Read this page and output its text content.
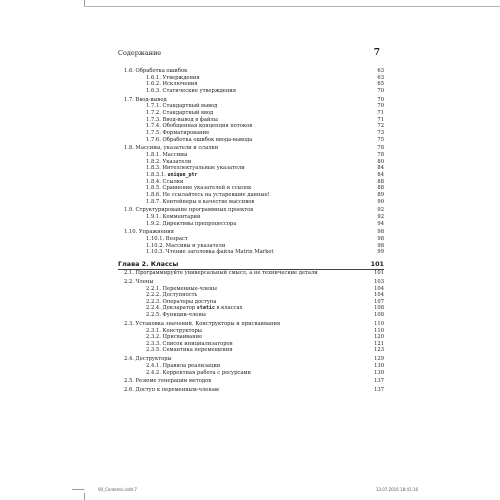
Содержание	7
1.6. Обработка ошибок	63
1.6.1. Утверждения	63
1.6.2. Исключения	65
1.6.3. Статические утверждения	70
1.7. Ввод-вывод	70
1.7.1. Стандартный вывод	70
1.7.2. Стандартный ввод	71
1.7.3. Ввод-вывод в файлы	71
1.7.4. Обобщенная концепция потоков	72
1.7.5. Форматирование	73
1.7.6. Обработка ошибок ввода-вывода	75
1.8. Массивы, указатели и ссылки	78
1.8.1. Массивы	78
1.8.2. Указатели	80
1.8.3. Интеллектуальные указатели	84
1.8.3.1. unique_ptr	84
1.8.4. Ссылки	88
1.8.5. Сравнение указателей и ссылок	88
1.8.6. Не ссылайтесь на устаревшие данные!	89
1.8.7. Контейнеры в качестве массивов	90
1.9. Структурирование программных проектов	92
1.9.1. Комментарии	92
1.9.2. Директивы препроцессора	94
1.10. Упражнения	98
1.10.1. Возраст	98
1.10.2. Массивы и указатели	98
1.10.3. Чтение заголовка файла Matrix Market	99
Глава 2. Классы	101
2.1. Программируйте универсальный смысл, а не технические детали	101
2.2. Члены	103
2.2.1. Переменные-члены	104
2.2.2. Доступность	104
2.2.3. Операторы доступа	107
2.2.4. Декларатор static в классах	108
2.2.5. Функции-члены	108
2.3. Установка значений. Конструкторы и присваивания	110
2.3.1. Конструкторы	110
2.3.2. Присваивание	120
2.3.3. Список инициализаторов	121
2.3.5. Семантика перемещения	123
2.4. Деструкторы	129
2.4.1. Правила реализации	130
2.4.2. Корректная работа с ресурсами	130
2.5. Резюме генерации методов	137
2.6. Доступ к переменным-членам	137
00_Contents.indd 7	13.07.2016 18:41:16
